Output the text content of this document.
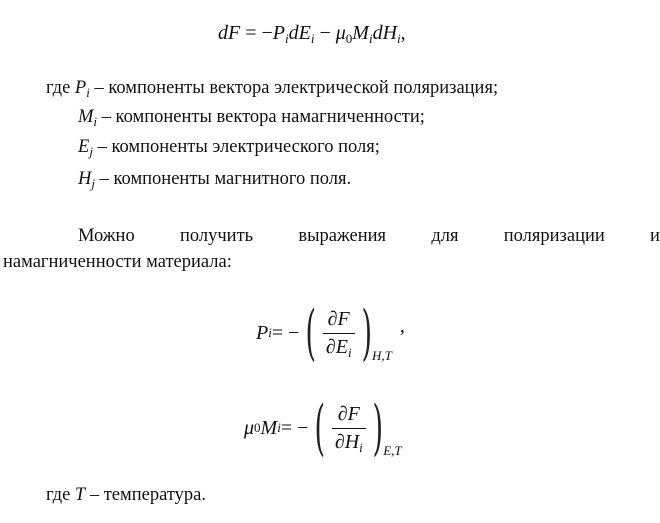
dF = $-P_idE_i - \mu_0M_idH_i$,
где $P_i$ – компоненты вектора электрической поляризация;
$M_i$ – компоненты вектора намагниченности;
$E_j$ – компоненты электрического поля;
$H_j$ – компоненты магнитного поля.
Можно получить выражения для поляризации и
намагниченности материала:
P i = − ( $\frac{\partial F}{\partial E_i}$ ) H,T
,
μ 0 M i = − ( $\frac{\partial F}{\partial H_i}$ ) E,T
где T – температура.
